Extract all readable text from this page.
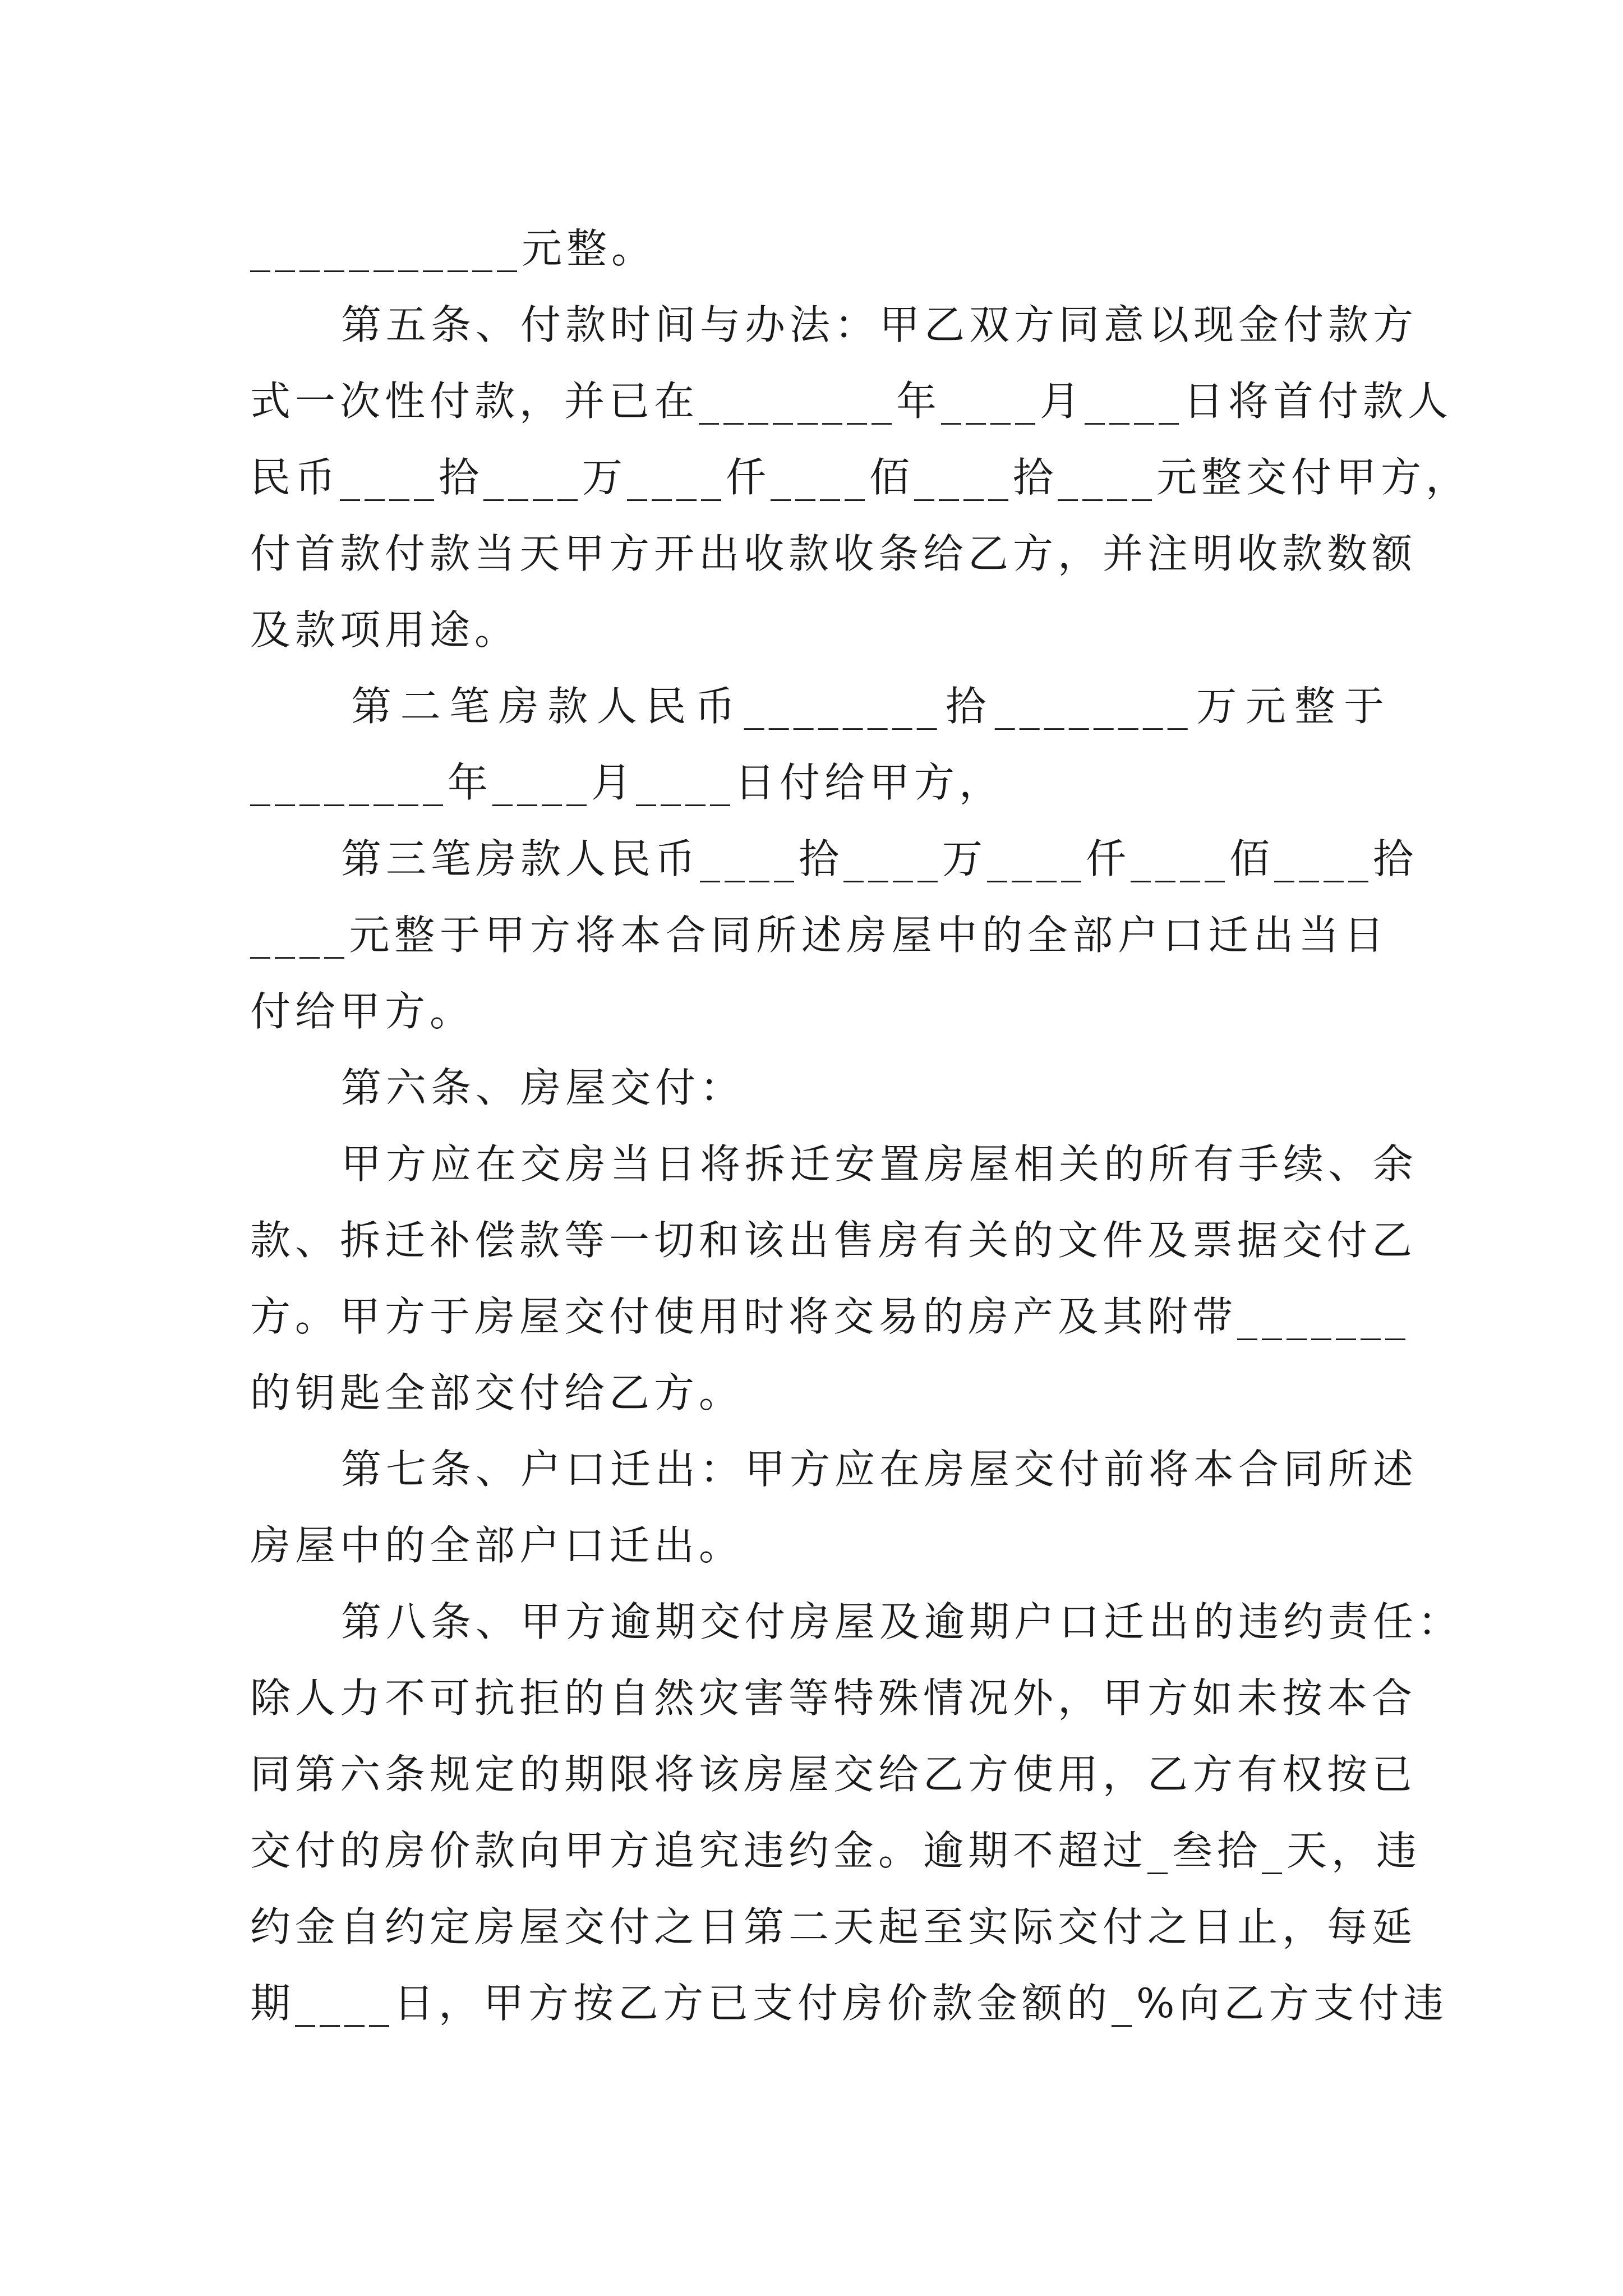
___________元整。
第五条、付款时间与办法：甲乙双方同意以现金付款方
式一次性付款，并已在________年____月____日将首付款人
民币____拾____万____仟____佰____拾____元整交付甲方，
付首款付款当天甲方开出收款收条给乙方，并注明收款数额
及款项用途。
第二笔房款人民币________拾________万元整于
________年____月____日付给甲方，
第三笔房款人民币____拾____万____仟____佰____拾
____元整于甲方将本合同所述房屋中的全部户口迁出当日
付给甲方。
第六条、房屋交付：
甲方应在交房当日将拆迁安置房屋相关的所有手续、余
款、拆迁补偿款等一切和该出售房有关的文件及票据交付乙
方。甲方于房屋交付使用时将交易的房产及其附带_______
的钥匙全部交付给乙方。
第七条、户口迁出：甲方应在房屋交付前将本合同所述
房屋中的全部户口迁出。
第八条、甲方逾期交付房屋及逾期户口迁出的违约责任：
除人力不可抗拒的自然灾害等特殊情况外，甲方如未按本合
同第六条规定的期限将该房屋交给乙方使用，乙方有权按已
交付的房价款向甲方追究违约金。逾期不超过_叁拾_天，违
约金自约定房屋交付之日第二天起至实际交付之日止，每延
期____日，甲方按乙方已支付房价款金额的_%向乙方支付违
